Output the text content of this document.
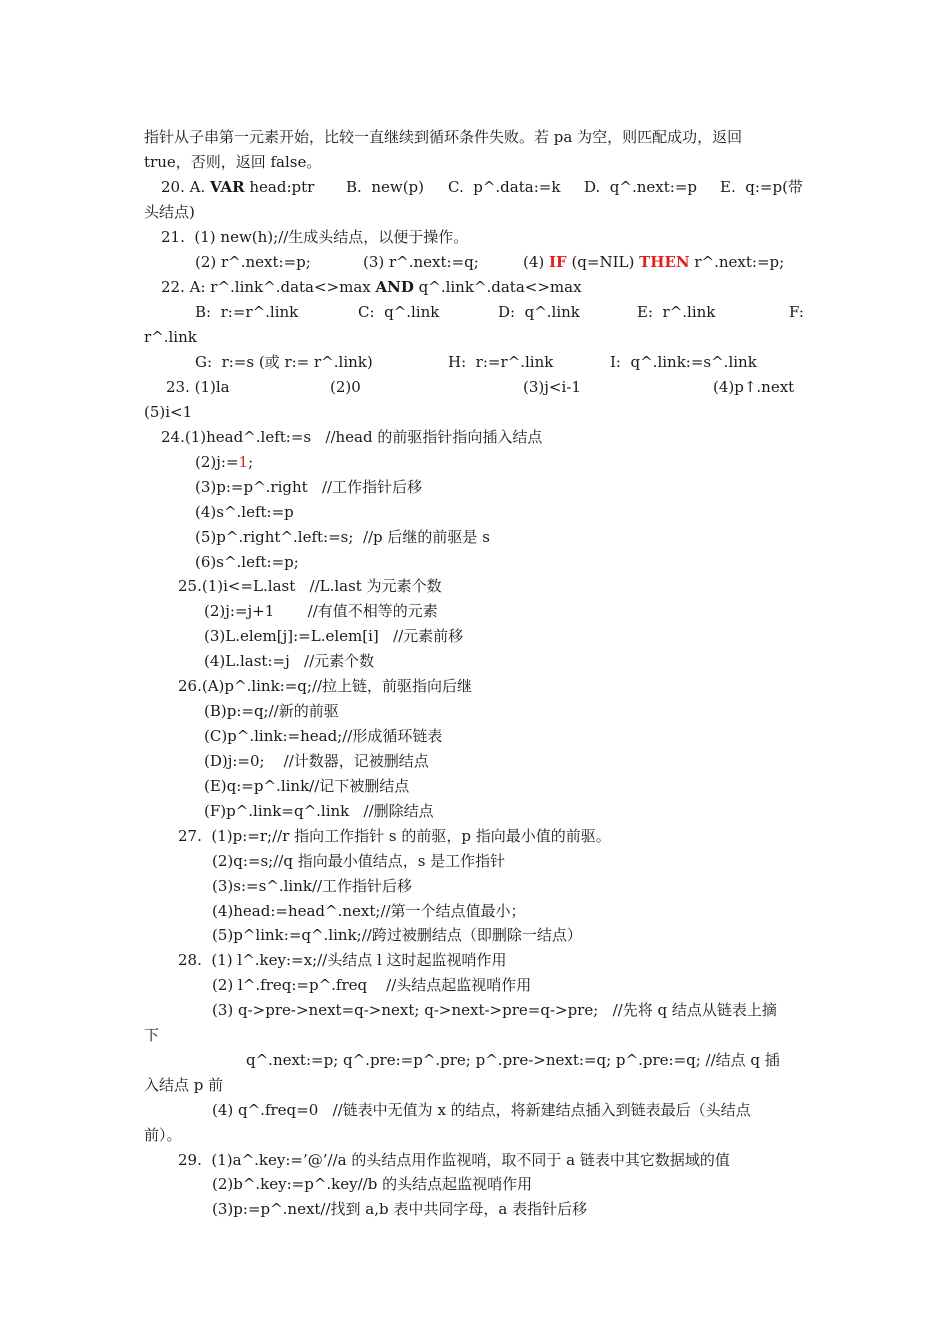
指针从子串第一元素开始，比较一直继续到循环条件失败。若 pa 为空，则匹配成功，返回
true，否则，返回 false。
20. A. VAR head:ptr B.  new(p) C.  p^.data:=k D.  q^.next:=p E.  q:=p(带
头结点)
21.  (1) new(h);//生成头结点，以便于操作。
(2) r^.next:=p;	(3) r^.next:=q;	(4) IF (q=NIL) THEN r^.next:=p;
22. A: r^.link^.data<>max AND q^.link^.data<>max
B:  r:=r^.link	C:  q^.link	D:  q^.link	E:  r^.link	F:
r^.link
G:  r:=s (或 r:= r^.link)	H:  r:=r^.link	I:  q^.link:=s^.link
23. (1)la	(2)0	(3)j<i-1	(4)p↑.next
(5)i<1
24.(1)head^.left:=s   //head 的前驱指针指向插入结点
(2)j:=1;
(3)p:=p^.right   //工作指针后移
(4)s^.left:=p
(5)p^.right^.left:=s;  //p 后继的前驱是 s
(6)s^.left:=p;
25.(1)i<=L.last   //L.last 为元素个数
(2)j:=j+1       //有值不相等的元素
(3)L.elem[j]:=L.elem[i]   //元素前移
(4)L.last:=j   //元素个数
26.(A)p^.link:=q;//拉上链，前驱指向后继
(B)p:=q;//新的前驱
(C)p^.link:=head;//形成循环链表
(D)j:=0;    //计数器，记被删结点
(E)q:=p^.link//记下被删结点
(F)p^.link=q^.link   //删除结点
27.  (1)p:=r;//r 指向工作指针 s 的前驱，p 指向最小值的前驱。
(2)q:=s;//q 指向最小值结点，s 是工作指针
(3)s:=s^.link//工作指针后移
(4)head:=head^.next;//第一个结点值最小；
(5)p^link:=q^.link;//跨过被删结点（即删除一结点）
28.  (1) l^.key:=x;//头结点 l 这时起监视哨作用
(2) l^.freq:=p^.freq    //头结点起监视哨作用
(3) q->pre->next=q->next; q->next->pre=q->pre;   //先将 q 结点从链表上摘
下
q^.next:=p; q^.pre:=p^.pre; p^.pre->next:=q; p^.pre:=q; //结点 q 插
入结点 p 前
(4) q^.freq=0   //链表中无值为 x 的结点，将新建结点插入到链表最后（头结点
前）。
29.  (1)a^.key:=’@’//a 的头结点用作监视哨，取不同于 a 链表中其它数据域的值
(2)b^.key:=p^.key//b 的头结点起监视哨作用
(3)p:=p^.next//找到 a,b 表中共同字母，a 表指针后移
